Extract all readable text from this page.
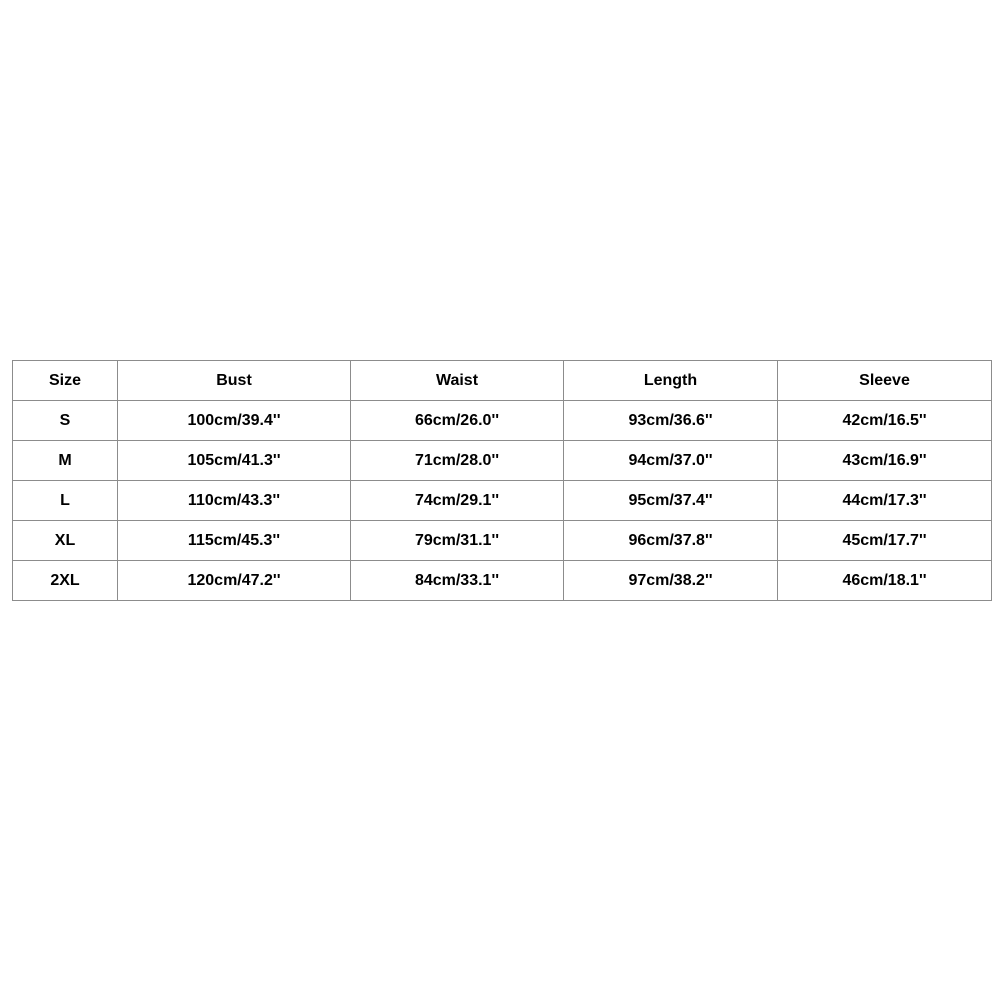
Size	Bust	Waist	Length	Sleeve
S	100cm/39.4''	66cm/26.0''	93cm/36.6''	42cm/16.5''
M	105cm/41.3''	71cm/28.0''	94cm/37.0''	43cm/16.9''
L	110cm/43.3''	74cm/29.1''	95cm/37.4''	44cm/17.3''
XL	115cm/45.3''	79cm/31.1''	96cm/37.8''	45cm/17.7''
2XL	120cm/47.2''	84cm/33.1''	97cm/38.2''	46cm/18.1''
